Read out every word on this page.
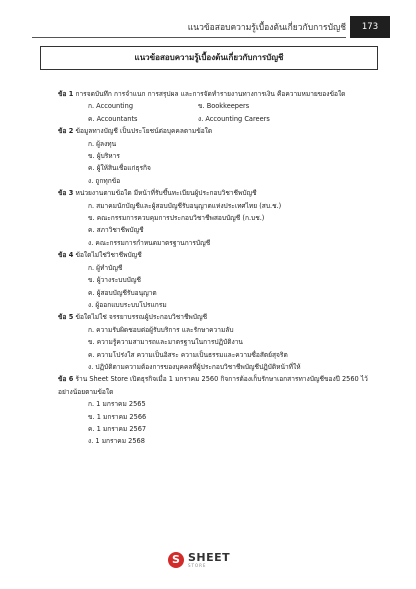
แนวข้อสอบความรู้เบื้องต้นเกี่ยวกับการบัญชี	173
แนวข้อสอบความรู้เบื้องต้นเกี่ยวกับการบัญชี

ข้อ 1 การจดบันทึก การจำแนก การสรุปผล และการจัดทำรายงานทางการเงิน คือความหมายของข้อใด

ก. Accounting	ข. Bookkeepers
ค. Accountants	ง. Accounting Careers

ข้อ 2 ข้อมูลทางบัญชี เป็นประโยชน์ต่อบุคคลตามข้อใด

ก. ผู้ลงทุน
ข. ผู้บริหาร
ค. ผู้ให้สินเชื่อแก่ธุรกิจ
ง. ถูกทุกข้อ

ข้อ 3 หน่วยงานตามข้อใด มีหน้าที่รับขึ้นทะเบียนผู้ประกอบวิชาชีพบัญชี

ก. สมาคมนักบัญชีและผู้สอบบัญชีรับอนุญาตแห่งประเทศไทย (สบ.ช.)
ข. คณะกรรมการควบคุมการประกอบวิชาชีพสอบบัญชี (ก.บช.)
ค. สภาวิชาชีพบัญชี
ง. คณะกรรมการกำหนดมาตรฐานการบัญชี

ข้อ 4 ข้อใดไม่ใช่วิชาชีพบัญชี

ก. ผู้ทำบัญชี
ข. ผู้วางระบบบัญชี
ค. ผู้สอบบัญชีรับอนุญาต
ง. ผู้ออกแบบระบบโปรแกรม

ข้อ 5 ข้อใดไม่ใช่ จรรยาบรรณผู้ประกอบวิชาชีพบัญชี

ก. ความรับผิดชอบต่อผู้รับบริการ และรักษาความลับ
ข. ความรู้ความสามารถและมาตรฐานในการปฏิบัติงาน
ค. ความโปร่งใส ความเป็นอิสระ ความเป็นธรรมและความซื่อสัตย์สุจริต
ง. ปฏิบัติตามความต้องการของบุคคลที่ผู้ประกอบวิชาชีพบัญชีปฏิบัติหน้าที่ให้

ข้อ 6 ร้าน Sheet Store เปิดธุรกิจเมื่อ 1 มกราคม 2560 กิจการต้องเก็บรักษาเอกสารทางบัญชีของปี 2560 ไว้อย่างน้อยตามข้อใด

ก. 1 มกราคม 2565
ข. 1 มกราคม 2566
ค. 1 มกราคม 2567
ง. 1 มกราคม 2568
S SHEET
STORE
